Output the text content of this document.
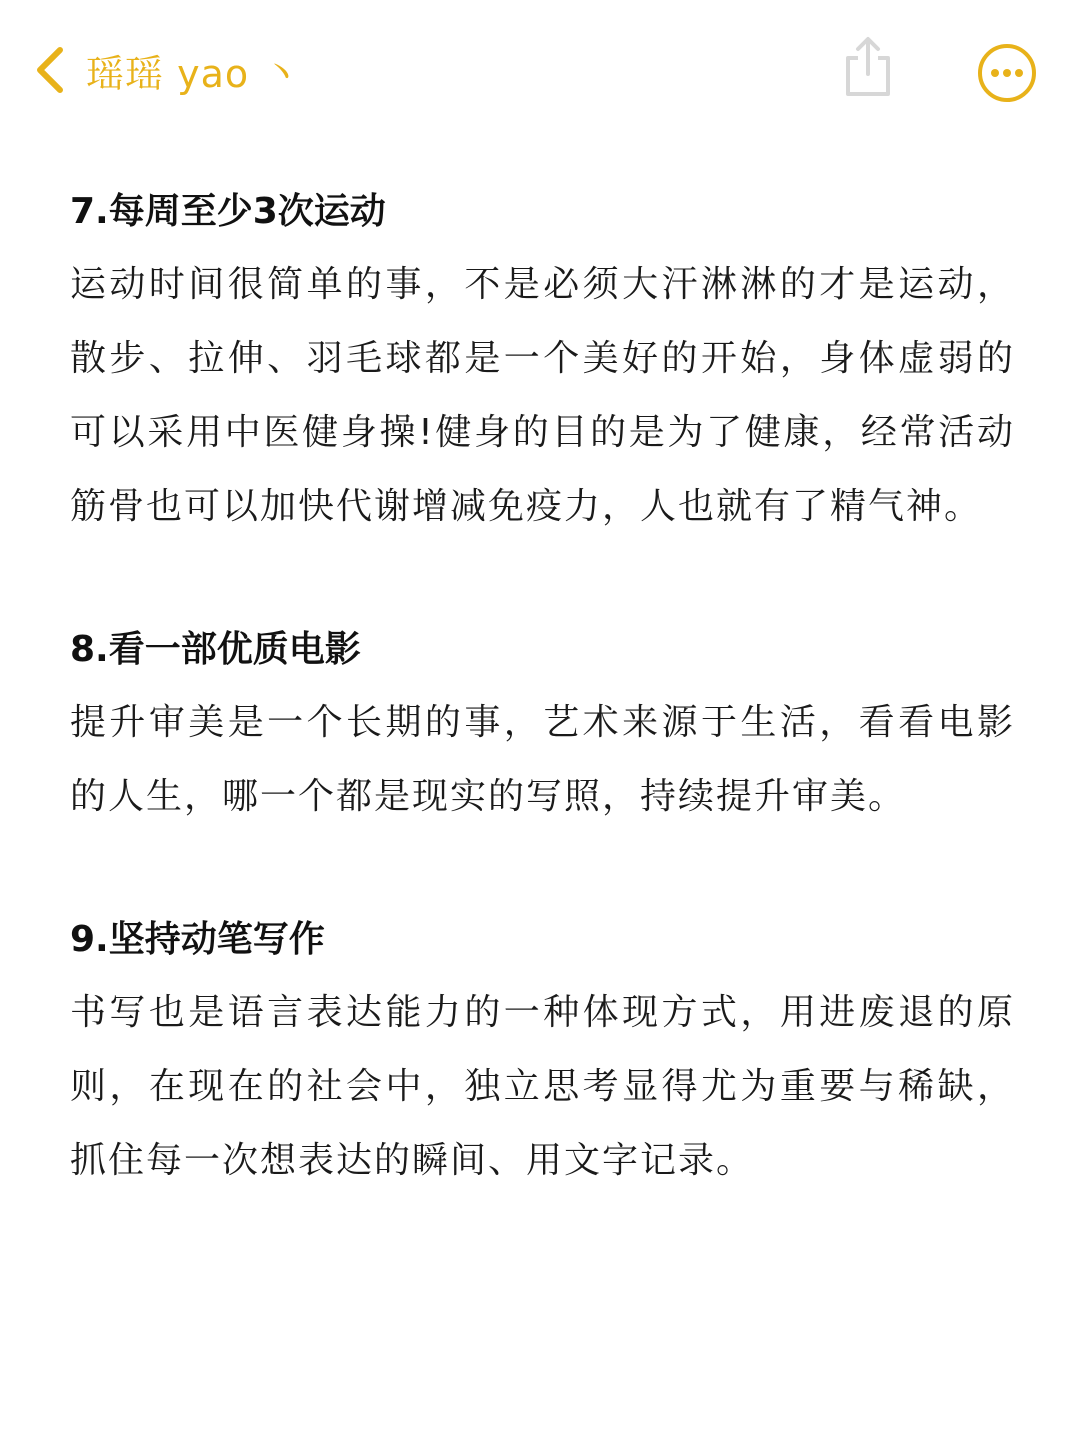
瑶瑶 yao 丶

7.每周至少3次运动

运动时间很简单的事，不是必须大汗淋淋的才是运动，散步、拉伸、羽毛球都是一个美好的开始，身体虚弱的可以采用中医健身操!健身的目的是为了健康，经常活动筋骨也可以加快代谢增减免疫力，人也就有了精气神。

8.看一部优质电影

提升审美是一个长期的事，艺术来源于生活，看看电影的人生，哪一个都是现实的写照，持续提升审美。

9.坚持动笔写作

书写也是语言表达能力的一种体现方式，用进废退的原则，在现在的社会中，独立思考显得尤为重要与稀缺，抓住每一次想表达的瞬间、用文字记录。
